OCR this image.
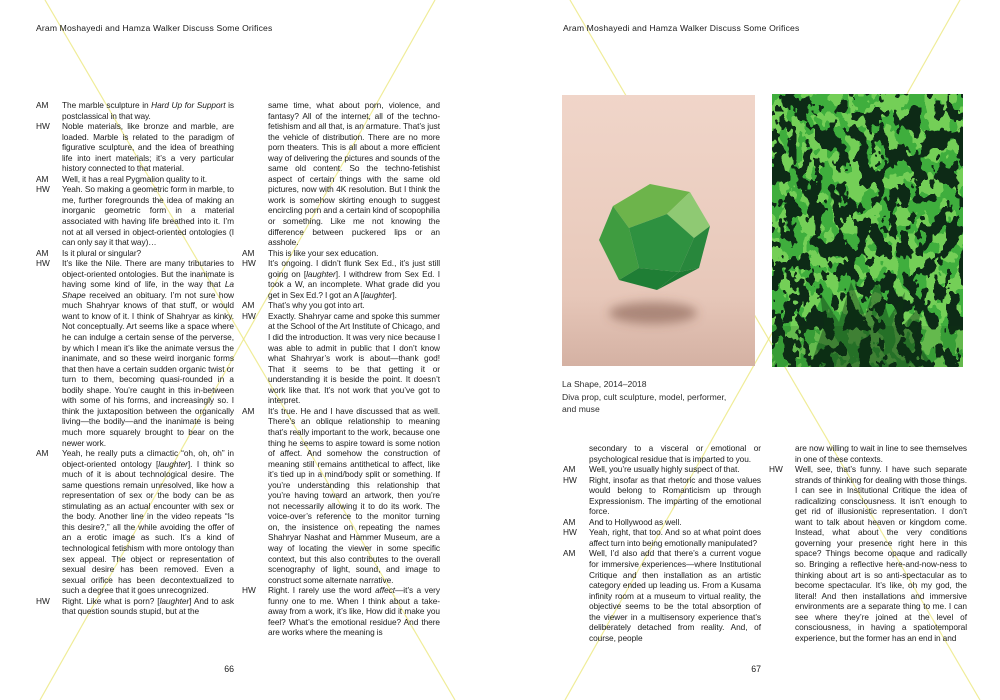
Aram Moshayedi and Hamza Walker Discuss Some Orifices	Aram Moshayedi and Hamza Walker Discuss Some Orifices
AM The marble sculpture in Hard Up for Support is postclassical in that way.

HW Noble materials, like bronze and marble, are loaded. Marble is related to the paradigm of figurative sculpture, and the idea of breathing life into inert materials; it’s a very particular history connected to that material.

AM Well, it has a real Pygmalion quality to it.

HW Yeah. So making a geometric form in marble, to me, further foregrounds the idea of making an inorganic geometric form in a material associated with having life breathed into it. I’m not at all versed in object-oriented ontologies (I can only say it that way)…

AM Is it plural or singular?

HW It’s like the Nile. There are many tributaries to object-oriented ontologies. But the inanimate is having some kind of life, in the way that La Shape received an obituary. I’m not sure how much Shahryar knows of that stuff, or would want to know of it. I think of Shahryar as kinky. Not conceptually. Art seems like a space where he can indulge a certain sense of the perverse, by which I mean it’s like the animate versus the inanimate, and so these weird inorganic forms that then have a certain sudden organic twist or turn to them, becoming quasi-rounded in a bodily shape. You’re caught in this in-between with some of his forms, and increasingly so. I think the juxtaposition between the organically living—the bodily—and the inanimate is being much more squarely brought to bear on the newer work.

AM Yeah, he really puts a climactic “oh, oh, oh” in object-oriented ontology [laughter]. I think so much of it is about technological desire. The same questions remain unresolved, like how a representation of sex or the body can be as stimulating as an actual encounter with sex or the body. Another line in the video repeats “Is this desire?,” all the while avoiding the offer of an a erotic image as such. It’s a kind of technological fetishism with more ontology than sex appeal. The object or representation of sexual desire has been removed. Even a sexual orifice has been decontextualized to such a degree that it goes unrecognized.

HW Right. Like what is porn? [laughter] And to ask that question sounds stupid, but at the

same time, what about porn, violence, and fantasy? All of the internet, all of the techno-fetishism and all that, is an armature. That’s just the vehicle of distribution. There are no more porn theaters. This is all about a more efficient way of delivering the pictures and sounds of the same old content. So the techno-fetishist aspect of certain things with the same old pictures, now with 4K resolution. But I think the work is somehow skirting enough to suggest encircling porn and a certain kind of scopophilia or something. Like me not knowing the difference between puckered lips or an asshole.

AM This is like your sex education.

HW It’s ongoing. I didn’t flunk Sex Ed., it’s just still going on [laughter]. I withdrew from Sex Ed. I took a W, an incomplete. What grade did you get in Sex Ed.? I got an A [laughter].

AM That’s why you got into art.

HW Exactly. Shahryar came and spoke this summer at the School of the Art Institute of Chicago, and I did the introduction. It was very nice because I was able to admit in public that I don’t know what Shahryar’s work is about—thank god! That it seems to be that getting it or understanding it is beside the point. It doesn’t work like that. It’s not work that you’ve got to interpret.

AM It’s true. He and I have discussed that as well. There’s an oblique relationship to meaning that’s really important to the work, because one thing he seems to aspire toward is some notion of affect. And somehow the construction of meaning still remains antithetical to affect, like it’s tied up in a mind/body split or something. If you’re understanding this relationship that you’re having toward an artwork, then you’re not necessarily allowing it to do its work. The voice-over’s reference to the monitor turning on, the insistence on repeating the names Shahryar Nashat and Hammer Museum, are a way of locating the viewer in some specific context, but this also contributes to the overall scenography of light, sound, and image to construct some alternate narrative.

HW Right. I rarely use the word affect—it’s a very funny one to me. When I think about a take-away from a work, it’s like, How did it make you feel? What’s the emotional residue? And there are works where the meaning is

secondary to a visceral or emotional or psychological residue that is imparted to you.

AM Well, you’re usually highly suspect of that.

HW Right, insofar as that rhetoric and those values would belong to Romanticism up through Expressionism. The imparting of the emotional force.

AM And to Hollywood as well.

HW Yeah, right, that too. And so at what point does affect turn into being emotionally manipulated?

AM Well, I’d also add that there’s a current vogue for immersive experiences—where Institutional Critique and then installation as an artistic category ended up leading us. From a Kusama infinity room at a museum to virtual reality, the objective seems to be the total absorption of the viewer in a multisensory experience that’s deliberately detached from reality. And, of course, people

are now willing to wait in line to see themselves in one of these contexts.

HW Well, see, that’s funny. I have such separate strands of thinking for dealing with those things. I can see in Institutional Critique the idea of radicalizing consciousness. It isn’t enough to get rid of illusionistic representation. I don’t want to talk about heaven or kingdom come. Instead, what about the very conditions governing your presence right here in this space? Things become opaque and radically so. Bringing a reflective here-and-now-ness to thinking about art is so anti-spectacular as to become spectacular. It’s like, oh my god, the literal! And then installations and immersive environments are a separate thing to me. I can see where they’re joined at the level of consciousness, in having a spatiotemporal experience, but the former has an end in and

La Shape, 2014–2018
Diva prop, cult sculpture, model, performer,
and muse
66	67
